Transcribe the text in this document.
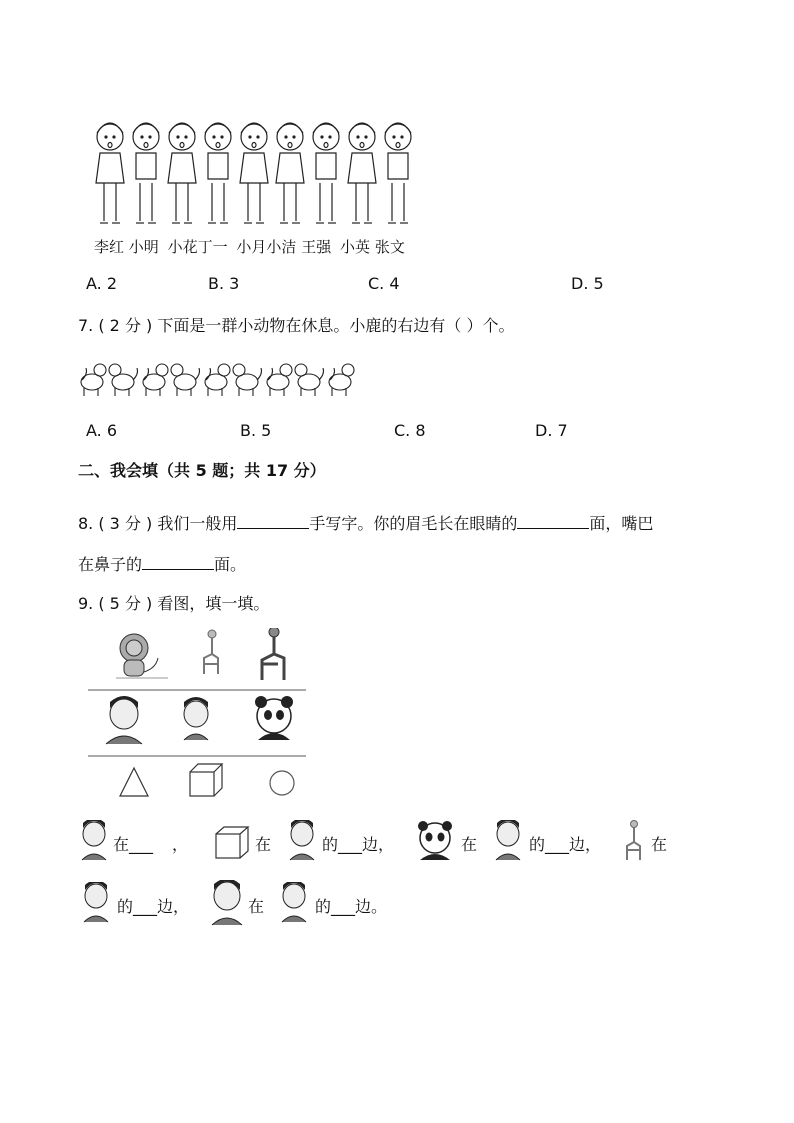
李红 小明 小花丁一 小月小洁 王强 小英 张文
A. 2	B. 3	C. 4	D. 5
7. ( 2 分 ) 下面是一群小动物在休息。小鹿的右边有（ ）个。
A. 6	B. 5	C. 8	D. 7
二、我会填（共 5 题；共 17 分）
8. ( 3 分 ) 我们一般用	手写字。你的眉毛长在眼睛的	面，嘴巴
在鼻子的	面。
9. ( 5 分 ) 看图，填一填。
在___ ，	在	的___边，	在	的___边，	在
的___边，	在	的___边。
